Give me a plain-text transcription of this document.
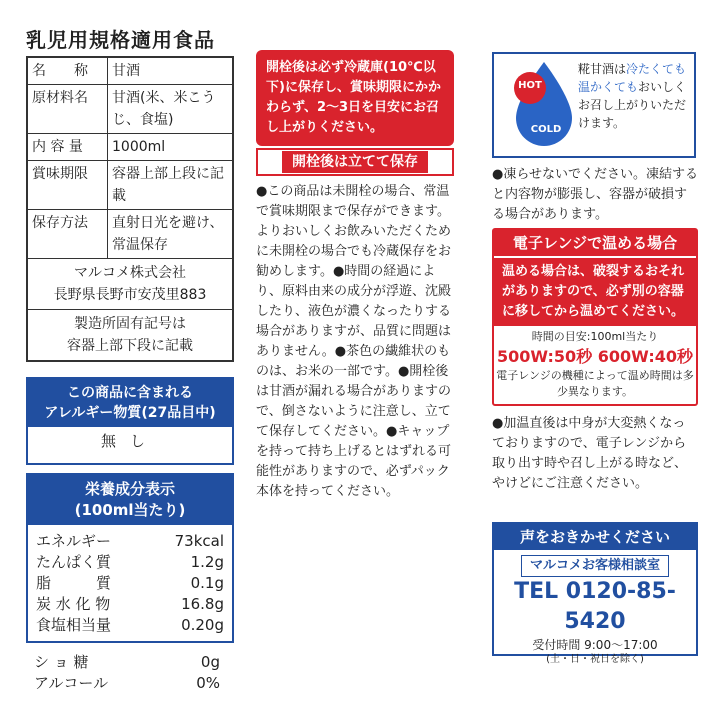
乳児用規格適用食品
名　　称	甘酒
原材料名	甘酒(米、米こうじ、食塩)
内 容 量	1000ml
賞味期限	容器上部上段に記載
保存方法	直射日光を避け、常温保存
マルコメ株式会社
長野県長野市安茂里883
製造所固有記号は
容器上部下段に記載
この商品に含まれる
アレルギー物質(27品目中)
無し
栄養成分表示
(100ml当たり)
エネルギー	73kcal
たんぱく質	1.2g
脂　　　質	0.1g
炭 水 化 物	16.8g
食塩相当量	0.20g
シ ョ 糖	0g
アルコール	0%
開栓後は必ず冷蔵庫(10℃以下)に保存し、賞味期限にかかわらず、2〜3日を目安にお召し上がりください。
開栓後は立てて保存
●この商品は未開栓の場合、常温で賞味期限まで保存ができます。よりおいしくお飲みいただくために未開栓の場合でも冷蔵保存をお勧めします。●時間の経過により、原料由来の成分が浮遊、沈殿したり、液色が濃くなったりする場合がありますが、品質に問題はありません。●茶色の繊維状のものは、お米の一部です。●開栓後は甘酒が漏れる場合がありますので、倒さないように注意し、立てて保存してください。●キャップを持って持ち上げるとはずれる可能性がありますので、必ずパック本体を持ってください。
HOT
COLD
糀甘酒は冷たくても温かくてもおいしくお召し上がりいただけます。
●凍らせないでください。凍結すると内容物が膨張し、容器が破損する場合があります。
電子レンジで温める場合
温める場合は、破裂するおそれがありますので、必ず別の容器に移してから温めてください。
時間の目安:100ml当たり
500W:50秒 600W:40秒
電子レンジの機種によって温め時間は多少異なります。
●加温直後は中身が大変熱くなっておりますので、電子レンジから取り出す時や召し上がる時など、やけどにご注意ください。
声をおきかせください
マルコメお客様相談室
TEL 0120-85-5420
受付時間 9:00〜17:00
(土・日・祝日を除く)
